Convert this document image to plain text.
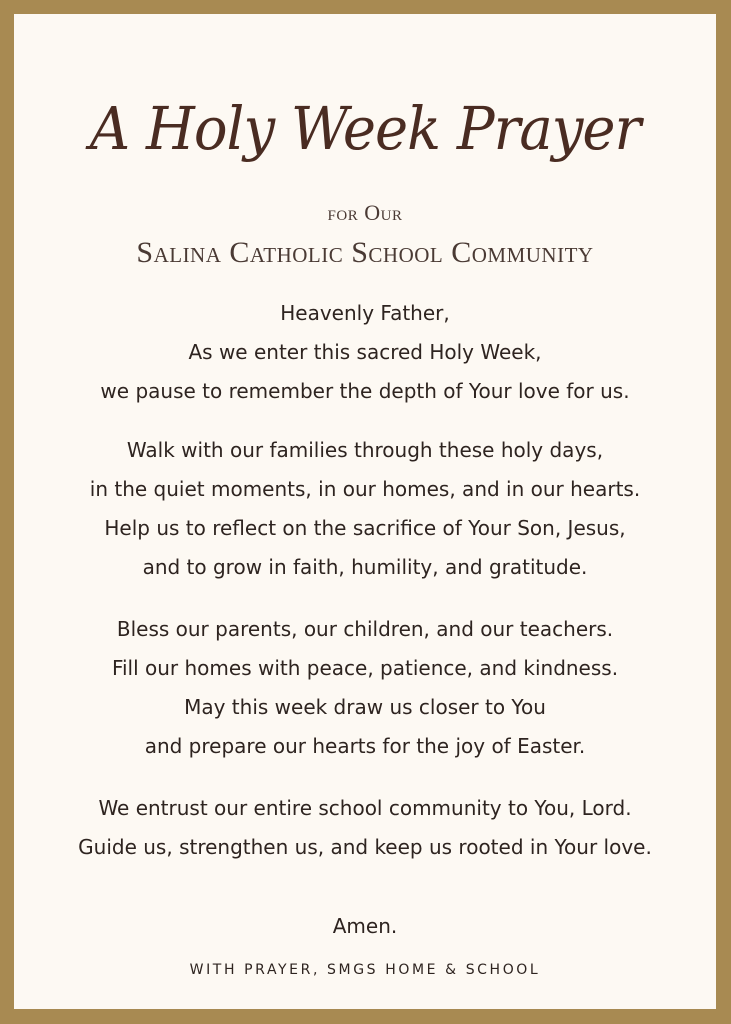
A Holy Week Prayer
for Our
Salina Catholic School Community
Heavenly Father,
As we enter this sacred Holy Week,
we pause to remember the depth of Your love for us.
Walk with our families through these holy days,
in the quiet moments, in our homes, and in our hearts.
Help us to reflect on the sacrifice of Your Son, Jesus,
and to grow in faith, humility, and gratitude.
Bless our parents, our children, and our teachers.
Fill our homes with peace, patience, and kindness.
May this week draw us closer to You
and prepare our hearts for the joy of Easter.
We entrust our entire school community to You, Lord.
Guide us, strengthen us, and keep us rooted in Your love.
Amen.
WITH PRAYER, SMGS HOME & SCHOOL
